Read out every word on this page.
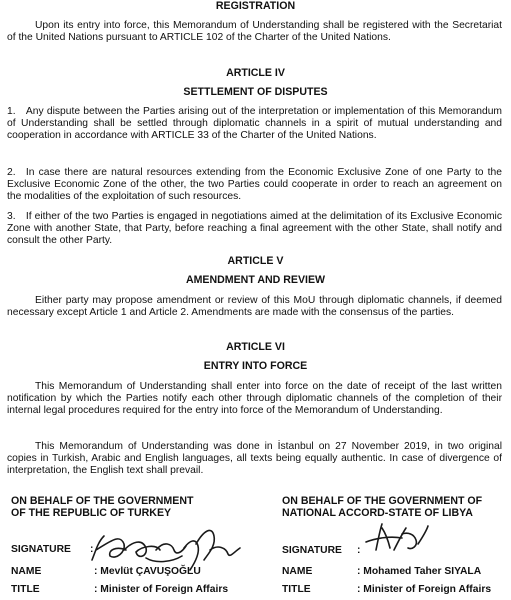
REGISTRATION

Upon its entry into force, this Memorandum of Understanding shall be registered with the Secretariat of the United Nations pursuant to ARTICLE 102 of the Charter of the United Nations.

ARTICLE IV
SETTLEMENT OF DISPUTES

1. Any dispute between the Parties arising out of the interpretation or implementation of this Memorandum of Understanding shall be settled through diplomatic channels in a spirit of mutual understanding and cooperation in accordance with ARTICLE 33 of the Charter of the United Nations.

2. In case there are natural resources extending from the Economic Exclusive Zone of one Party to the Exclusive Economic Zone of the other, the two Parties could cooperate in order to reach an agreement on the modalities of the exploitation of such resources.

3. If either of the two Parties is engaged in negotiations aimed at the delimitation of its Exclusive Economic Zone with another State, that Party, before reaching a final agreement with the other State, shall notify and consult the other Party.

ARTICLE V
AMENDMENT AND REVIEW

Either party may propose amendment or review of this MoU through diplomatic channels, if deemed necessary except Article 1 and Article 2. Amendments are made with the consensus of the parties.

ARTICLE VI
ENTRY INTO FORCE

This Memorandum of Understanding shall enter into force on the date of receipt of the last written notification by which the Parties notify each other through diplomatic channels of the completion of their internal legal procedures required for the entry into force of the Memorandum of Understanding.

This Memorandum of Understanding was done in İstanbul on 27 November 2019, in two original copies in Turkish, Arabic and English languages, all texts being equally authentic. In case of divergence of interpretation, the English text shall prevail.

ON BEHALF OF THE GOVERNMENT
OF THE REPUBLIC OF TURKEY
SIGNATURE :
NAME	: Mevlüt ÇAVUŞOĞLU
TITLE	: Minister of Foreign Affairs
ON BEHALF OF THE GOVERNMENT OF
NATIONAL ACCORD-STATE OF LIBYA
SIGNATURE :
NAME	: Mohamed Taher SIYALA
TITLE	: Minister of Foreign Affairs
